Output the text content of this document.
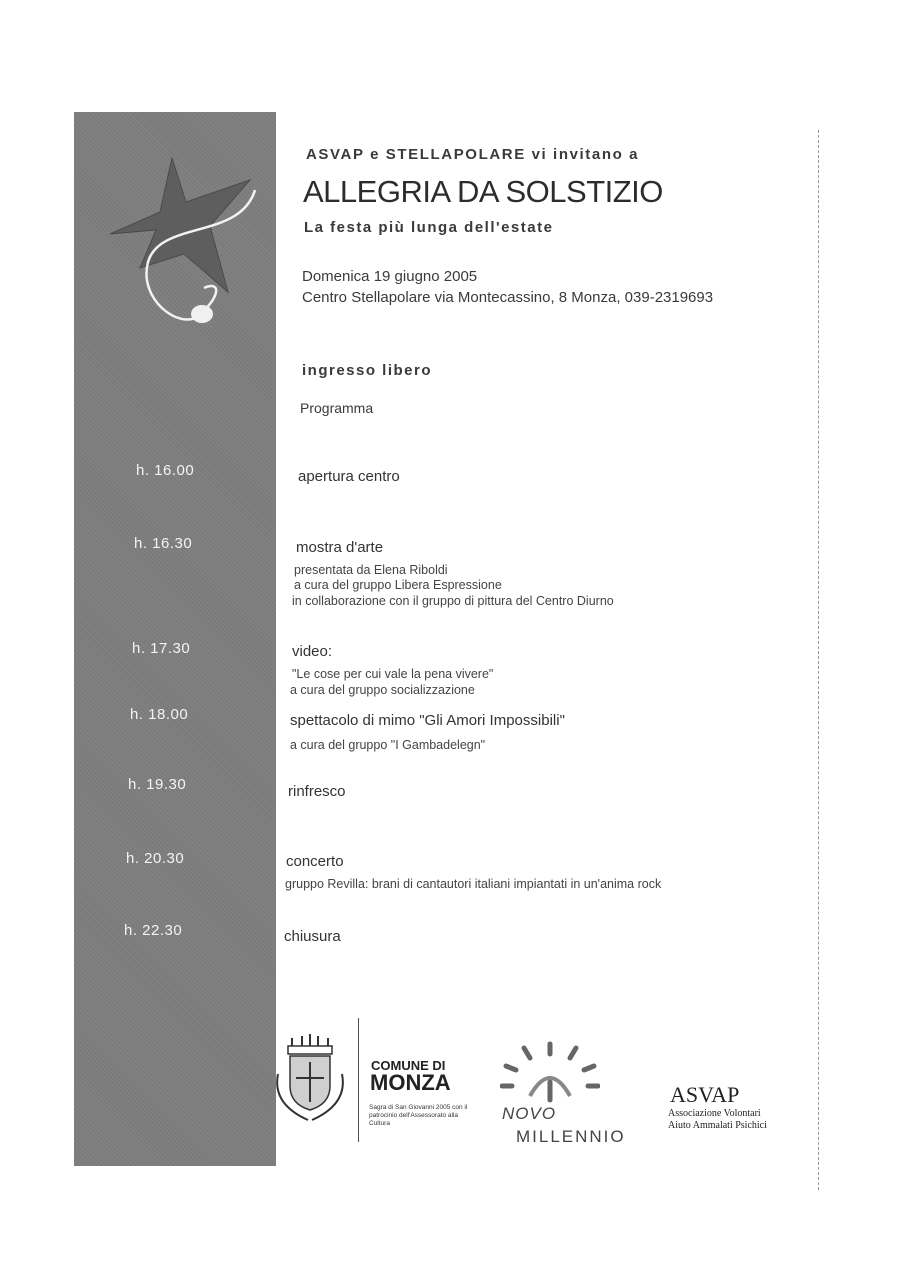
ASVAP e STELLAPOLARE vi invitano a
ALLEGRIA DA SOLSTIZIO
La festa più lunga dell'estate
Domenica 19 giugno 2005
Centro Stellapolare via Montecassino, 8 Monza, 039-2319693
ingresso libero
Programma
h. 16.00	apertura centro
h. 16.30	mostra d'arte
presentata da Elena Riboldi
a cura del gruppo Libera Espressione
in collaborazione con il gruppo di pittura del Centro Diurno
h. 17.30	video:
"Le cose per cui vale la pena vivere"
a cura del gruppo socializzazione
h. 18.00	spettacolo di mimo "Gli Amori Impossibili"
a cura del gruppo "I Gambadelegn"
h. 19.30	rinfresco
h. 20.30	concerto
gruppo Revilla: brani di cantautori italiani impiantati in un'anima rock
h. 22.30	chiusura
COMUNE DI
MONZA
Sagra di San Giovanni 2005 con il patrocinio dell'Assessorato alla Cultura
NOVO
MILLENNIO
ASVAP
Associazione Volontari
Aiuto Ammalati Psichici
